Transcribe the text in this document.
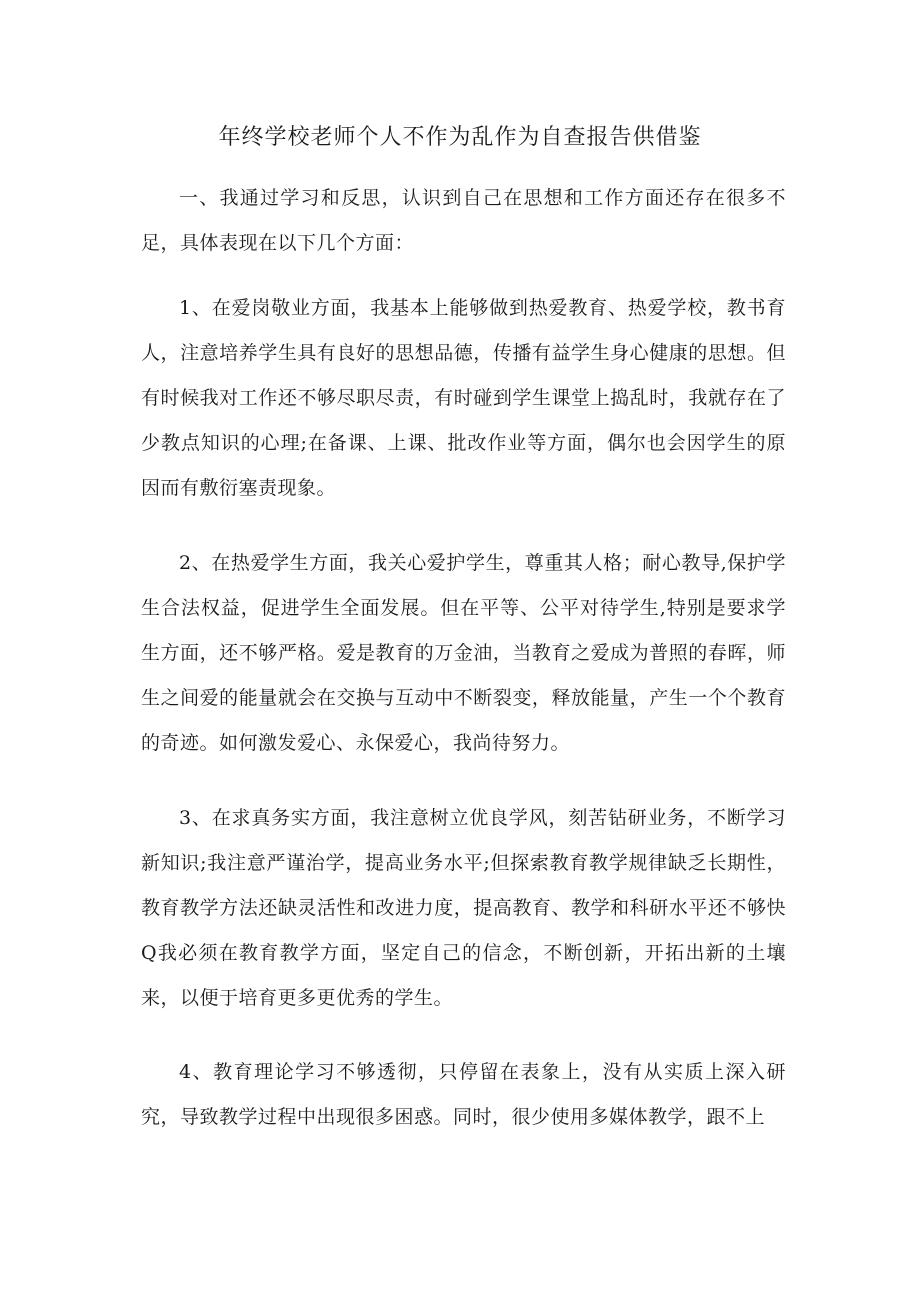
年终学校老师个人不作为乱作为自查报告供借鉴

一、我通过学习和反思，认识到自己在思想和工作方面还存在很多不足，具体表现在以下几个方面：

1、在爱岗敬业方面，我基本上能够做到热爱教育、热爱学校，教书育人，注意培养学生具有良好的思想品德，传播有益学生身心健康的思想。但有时候我对工作还不够尽职尽责，有时碰到学生课堂上捣乱时，我就存在了少教点知识的心理;在备课、上课、批改作业等方面，偶尔也会因学生的原因而有敷衍塞责现象。

2、在热爱学生方面，我关心爱护学生，尊重其人格；耐心教导,保护学生合法权益，促进学生全面发展。但在平等、公平对待学生,特别是要求学生方面，还不够严格。爱是教育的万金油，当教育之爱成为普照的春晖，师生之间爱的能量就会在交换与互动中不断裂变，释放能量，产生一个个教育的奇迹。如何激发爱心、永保爱心，我尚待努力。

3、在求真务实方面，我注意树立优良学风，刻苦钻研业务，不断学习新知识;我注意严谨治学，提高业务水平;但探索教育教学规律缺乏长期性，教育教学方法还缺灵活性和改进力度，提高教育、教学和科研水平还不够快Q我必须在教育教学方面，坚定自己的信念，不断创新，开拓出新的土壤来，以便于培育更多更优秀的学生。

4、教育理论学习不够透彻，只停留在表象上，没有从实质上深入研究，导致教学过程中出现很多困惑。同时，很少使用多媒体教学，跟不上
